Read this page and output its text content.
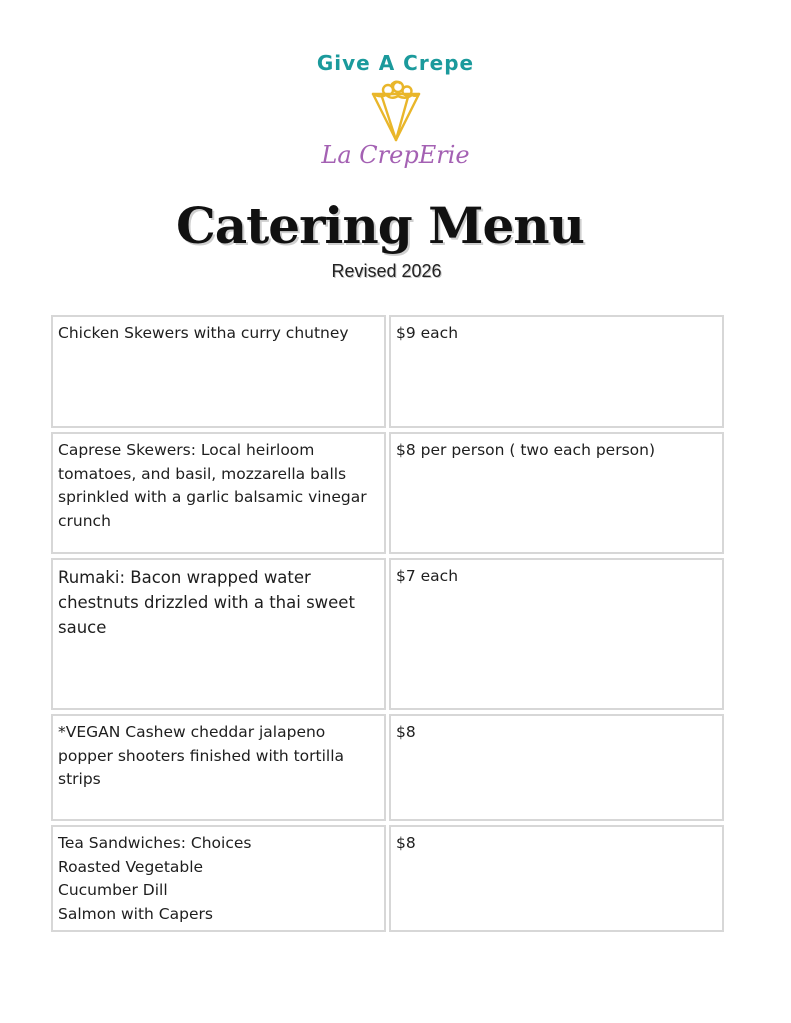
Give A Crepe
La CrepErie
Catering Menu
Revised 2026
Chicken Skewers witha curry chutney	$9 each
Caprese Skewers: Local heirloom
tomatoes, and basil, mozzarella balls
sprinkled with a garlic balsamic vinegar
crunch
$8 per person ( two each person)
Rumaki: Bacon wrapped water
chestnuts drizzled with a thai sweet
sauce
$7 each
*VEGAN Cashew cheddar jalapeno
popper shooters finished with tortilla
strips
$8
Tea Sandwiches: Choices
Roasted Vegetable
Cucumber Dill
Salmon with Capers
$8
